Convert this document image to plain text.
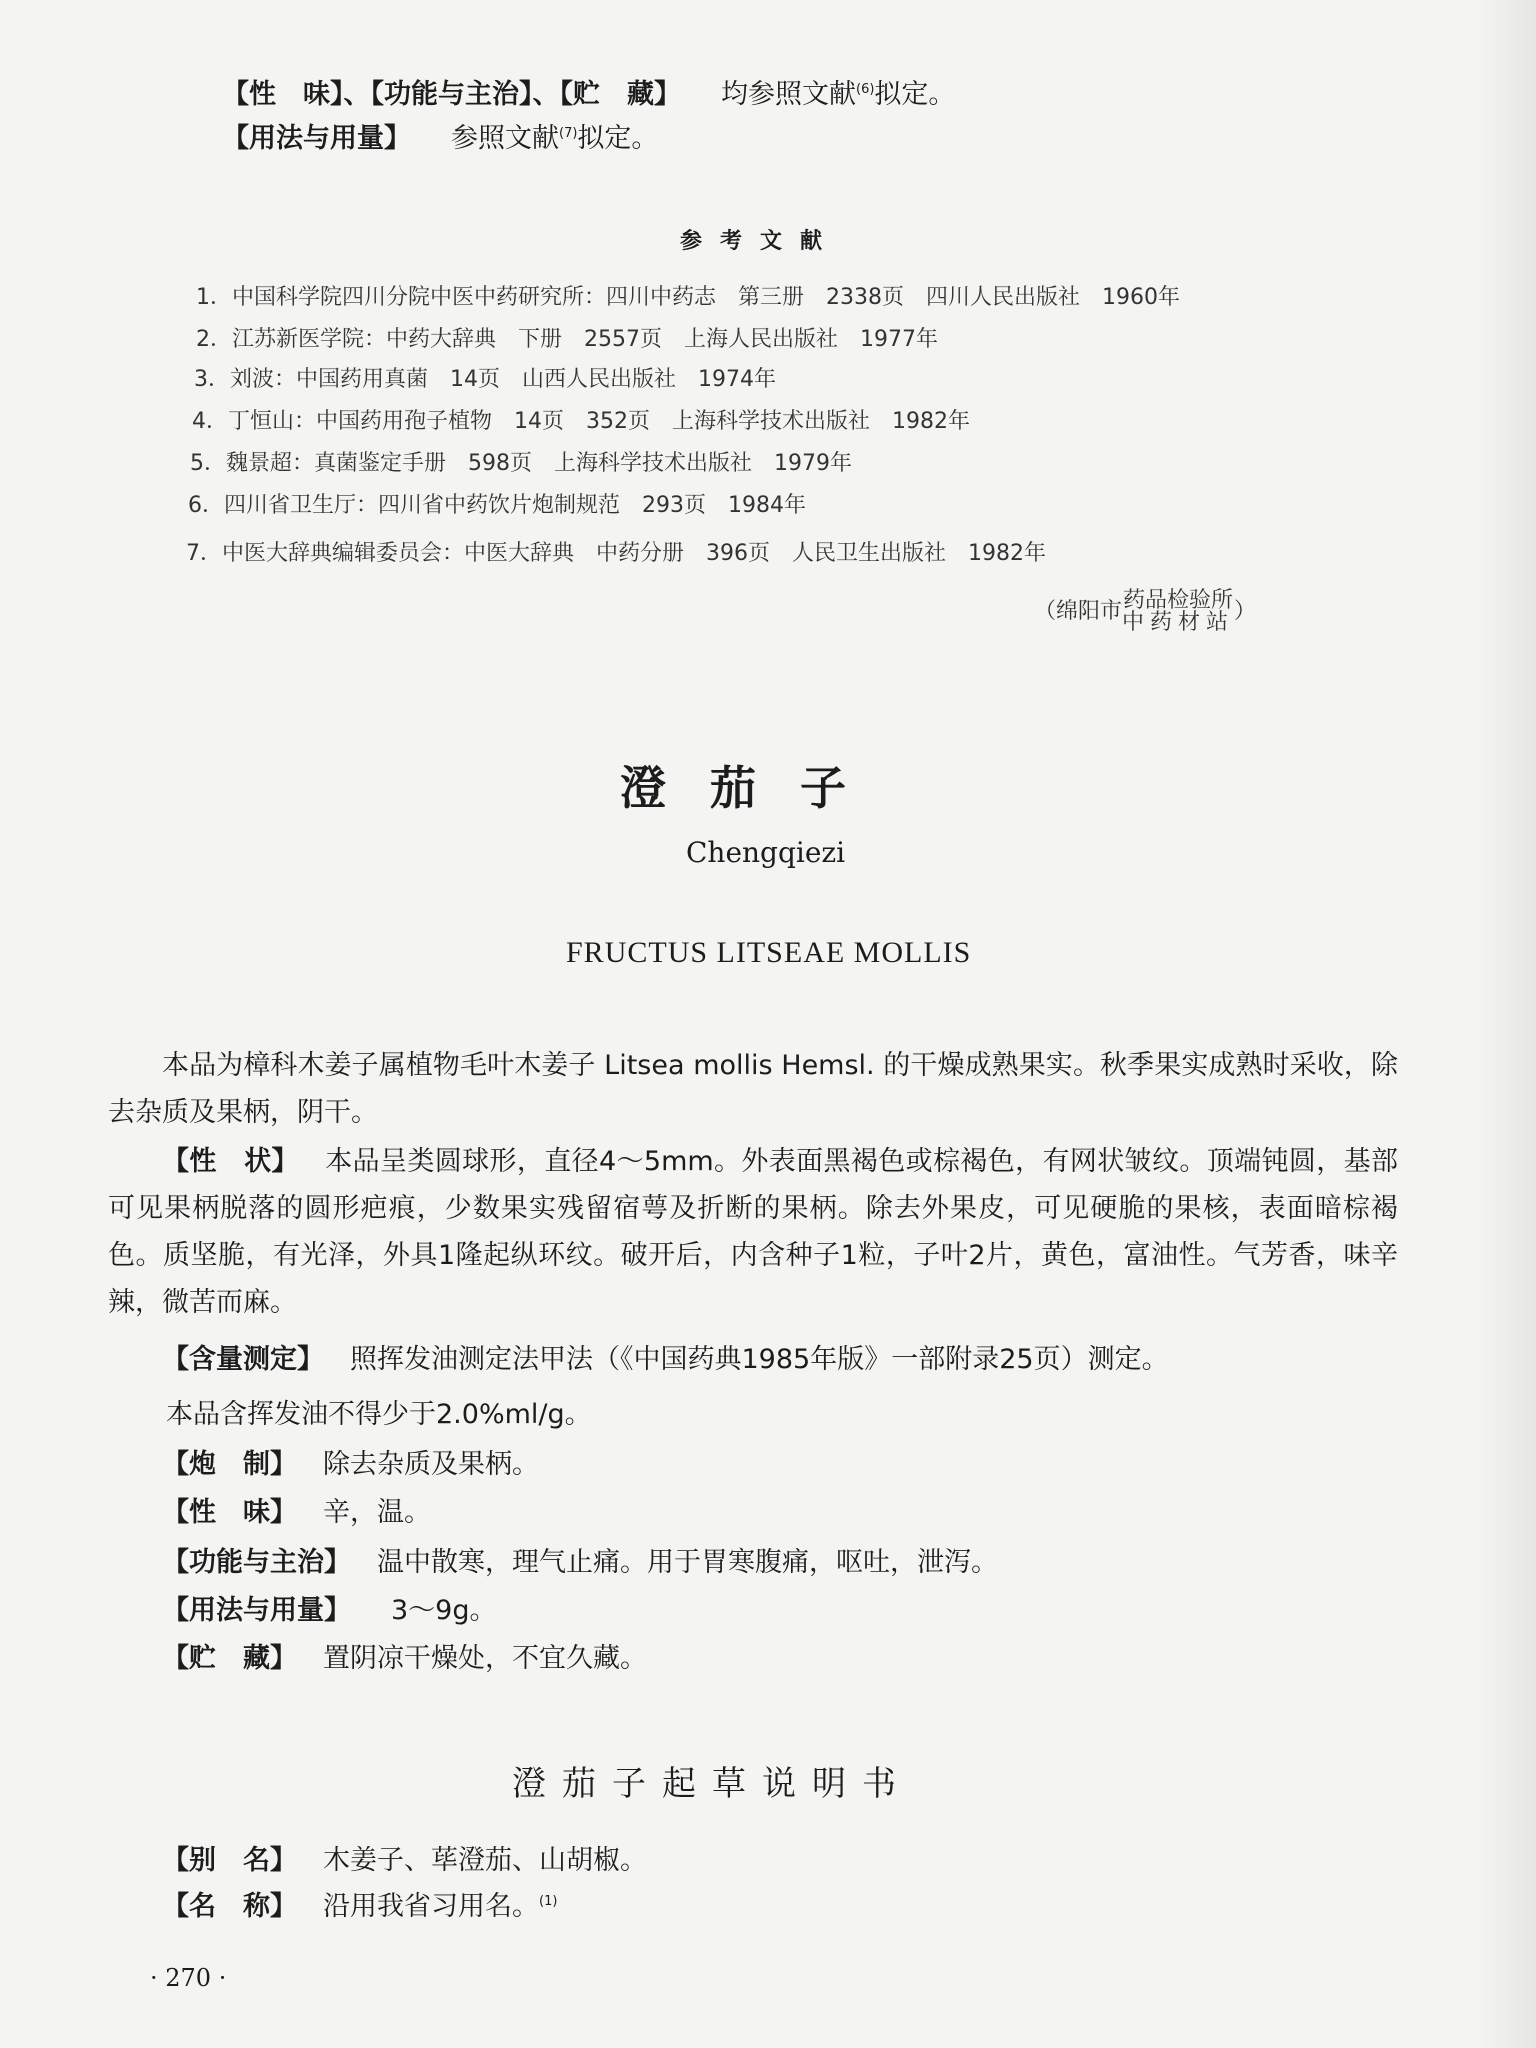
【性　味】、【功能与主治】、【贮　藏】 均参照文献$^{(6)}$拟定。
【用法与用量】 参照文献$^{(7)}$拟定。
参考文献
1．中国科学院四川分院中医中药研究所：四川中药志　第三册　2338页　四川人民出版社　1960年
2．江苏新医学院：中药大辞典　下册　2557页　上海人民出版社　1977年
3．刘波：中国药用真菌　14页　山西人民出版社　1974年
4．丁恒山：中国药用孢子植物　14页　352页　上海科学技术出版社　1982年
5．魏景超：真菌鉴定手册　598页　上海科学技术出版社　1979年
6．四川省卫生厅：四川省中药饮片炮制规范　293页　1984年
7．中医大辞典编辑委员会：中医大辞典　中药分册　396页　人民卫生出版社　1982年
（绵阳市药品检验所
中药材站）
澄茄子
Chengqiezi
FRUCTUS LITSEAE MOLLIS
本品为樟科木姜子属植物毛叶木姜子 Litsea mollis Hemsl. 的干燥成熟果实。秋季果实成熟时采收，除去杂质及果柄，阴干。
【性　状】 本品呈类圆球形，直径4～5mm。外表面黑褐色或棕褐色，有网状皱纹。顶端钝圆，基部可见果柄脱落的圆形疤痕，少数果实残留宿萼及折断的果柄。除去外果皮，可见硬脆的果核，表面暗棕褐色。质坚脆，有光泽，外具1隆起纵环纹。破开后，内含种子1粒，子叶2片，黄色，富油性。气芳香，味辛辣，微苦而麻。
【含量测定】 照挥发油测定法甲法（《中国药典1985年版》一部附录25页）测定。
本品含挥发油不得少于2.0%ml/g。
【炮　制】 除去杂质及果柄。
【性　味】 辛，温。
【功能与主治】 温中散寒，理气止痛。用于胃寒腹痛，呕吐，泄泻。
【用法与用量】 3～9g。
【贮　藏】 置阴凉干燥处，不宜久藏。
澄茄子起草说明书
【别　名】 木姜子、荜澄茄、山胡椒。
【名　称】 沿用我省习用名。$^{(1)}$
· 270 ·
